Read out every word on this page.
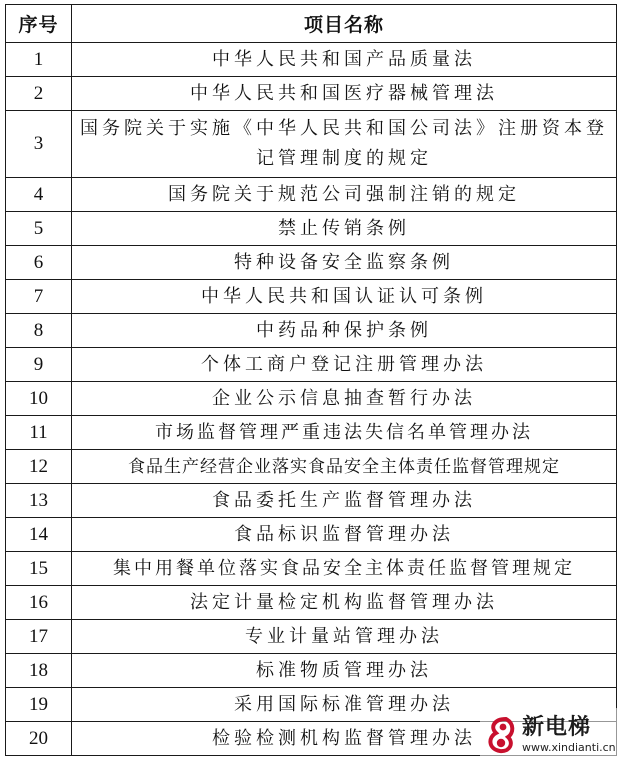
序号	项目名称
1	中华人民共和国产品质量法
2	中华人民共和国医疗器械管理法
3	国务院关于实施《中华人民共和国公司法》注册资本登记管理制度的规定
4	国务院关于规范公司强制注销的规定
5	禁止传销条例
6	特种设备安全监察条例
7	中华人民共和国认证认可条例
8	中药品种保护条例
9	个体工商户登记注册管理办法
10	企业公示信息抽查暂行办法
11	市场监督管理严重违法失信名单管理办法
12	食品生产经营企业落实食品安全主体责任监督管理规定
13	食品委托生产监督管理办法
14	食品标识监督管理办法
15	集中用餐单位落实食品安全主体责任监督管理规定
16	法定计量检定机构监督管理办法
17	专业计量站管理办法
18	标准物质管理办法
19	采用国际标准管理办法
20	检验检测机构监督管理办法 新电梯
www.xindianti.cn
